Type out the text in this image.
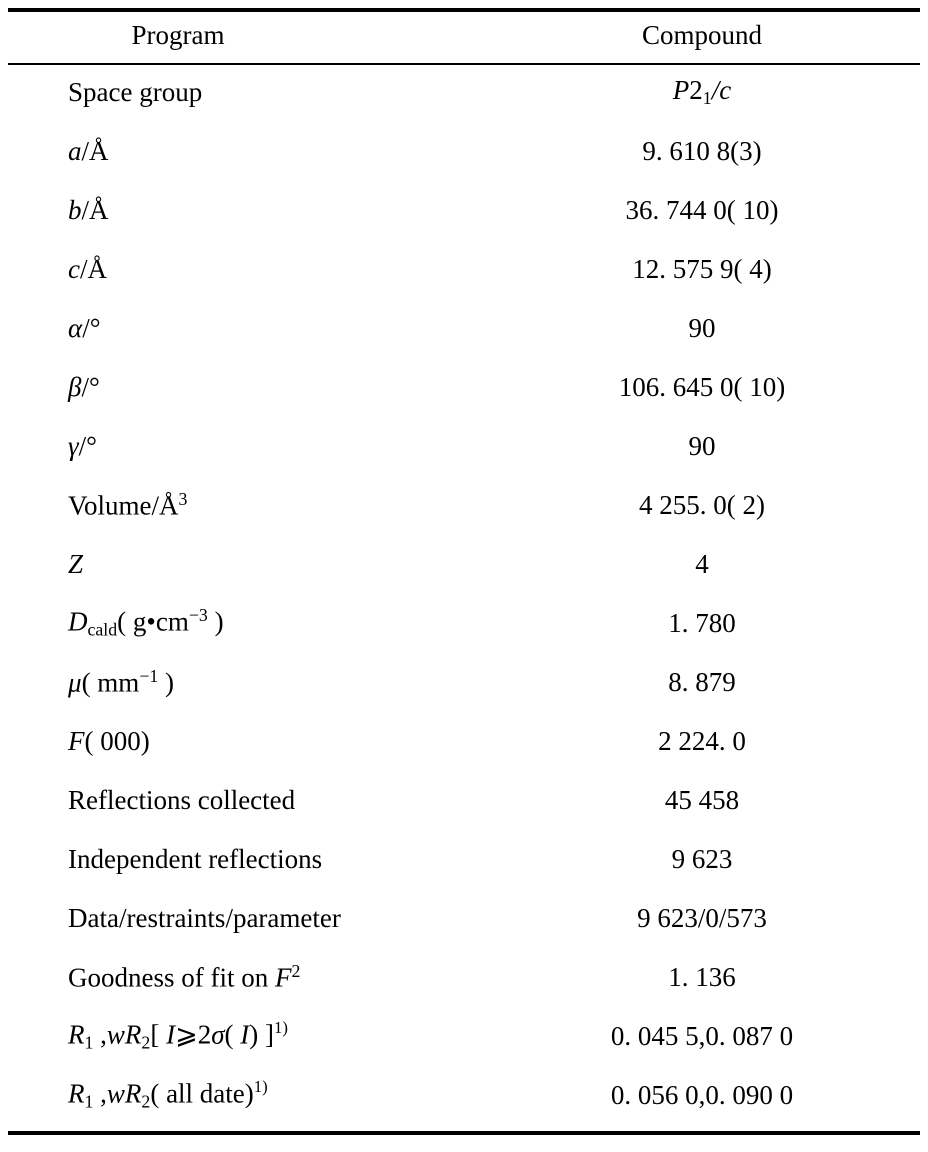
Program	Compound
Space group	$P2_1/c$
a/Å	9. 610 8(3)
b/Å	36. 744 0( 10)
c/Å	12. 575 9( 4)
α/°	90
β/°	106. 645 0( 10)
γ/°	90
Volume/$Å^3$	4 255. 0( 2)
Z	4
$D_{cald}$( $g•cm^{-3}$ )	1. 780
μ( $mm^{-1}$ )	8. 879
F( 000)	2 224. 0
Reflections collected	45 458
Independent reflections	9 623
Data/restraints/parameter	9 623/0/573
Goodness of fit on $F^2$	1. 136
$R_1$ $,wR_2$[ I⩾2σ( I) ]$^{1)}$	0. 045 5,0. 087 0
$R_1$ $,wR_2$( all date)$^{1)}$	0. 056 0,0. 090 0
